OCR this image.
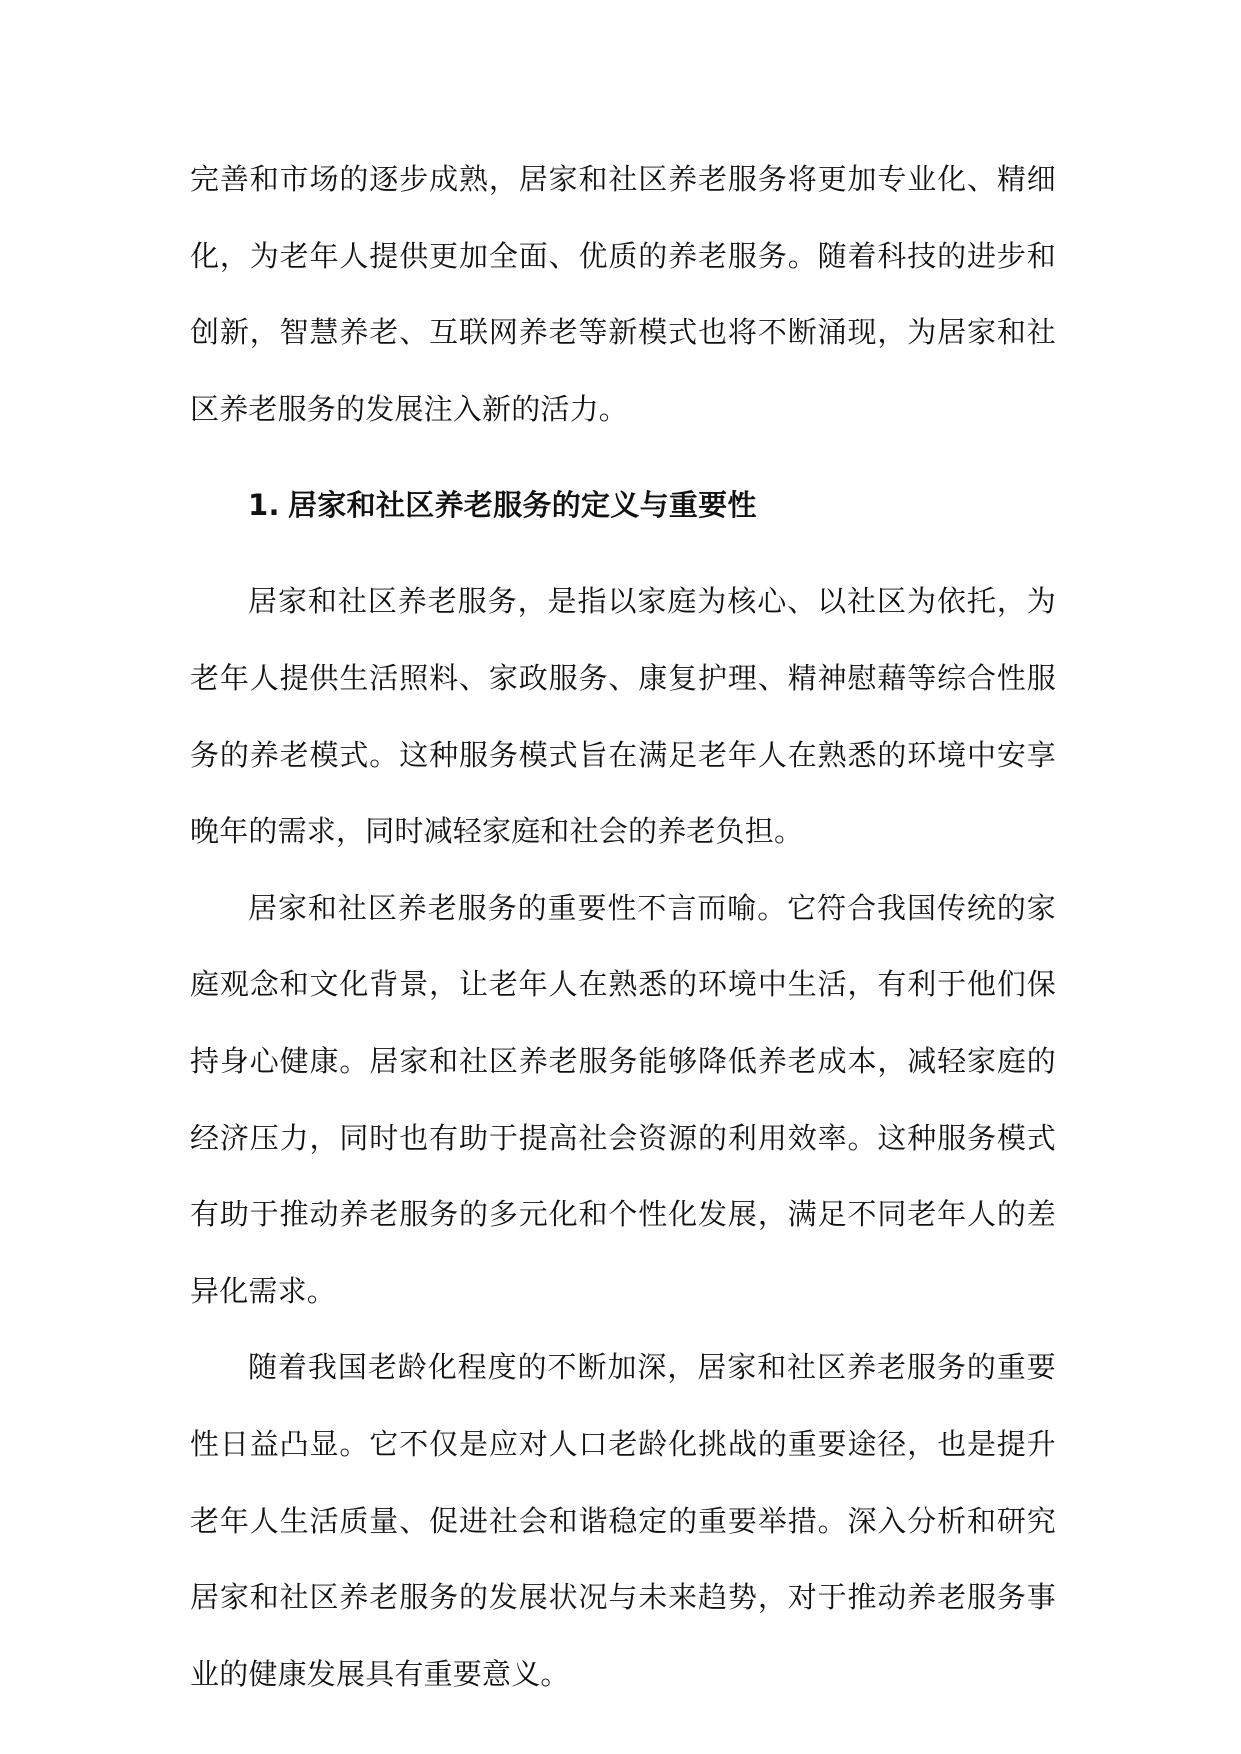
完善和市场的逐步成熟，居家和社区养老服务将更加专业化、精细化，为老年人提供更加全面、优质的养老服务。随着科技的进步和创新，智慧养老、互联网养老等新模式也将不断涌现，为居家和社区养老服务的发展注入新的活力。

1. 居家和社区养老服务的定义与重要性

居家和社区养老服务，是指以家庭为核心、以社区为依托，为老年人提供生活照料、家政服务、康复护理、精神慰藉等综合性服务的养老模式。这种服务模式旨在满足老年人在熟悉的环境中安享晚年的需求，同时减轻家庭和社会的养老负担。

居家和社区养老服务的重要性不言而喻。它符合我国传统的家庭观念和文化背景，让老年人在熟悉的环境中生活，有利于他们保持身心健康。居家和社区养老服务能够降低养老成本，减轻家庭的经济压力，同时也有助于提高社会资源的利用效率。这种服务模式有助于推动养老服务的多元化和个性化发展，满足不同老年人的差异化需求。

随着我国老龄化程度的不断加深，居家和社区养老服务的重要性日益凸显。它不仅是应对人口老龄化挑战的重要途径，也是提升老年人生活质量、促进社会和谐稳定的重要举措。深入分析和研究居家和社区养老服务的发展状况与未来趋势，对于推动养老服务事业的健康发展具有重要意义。
